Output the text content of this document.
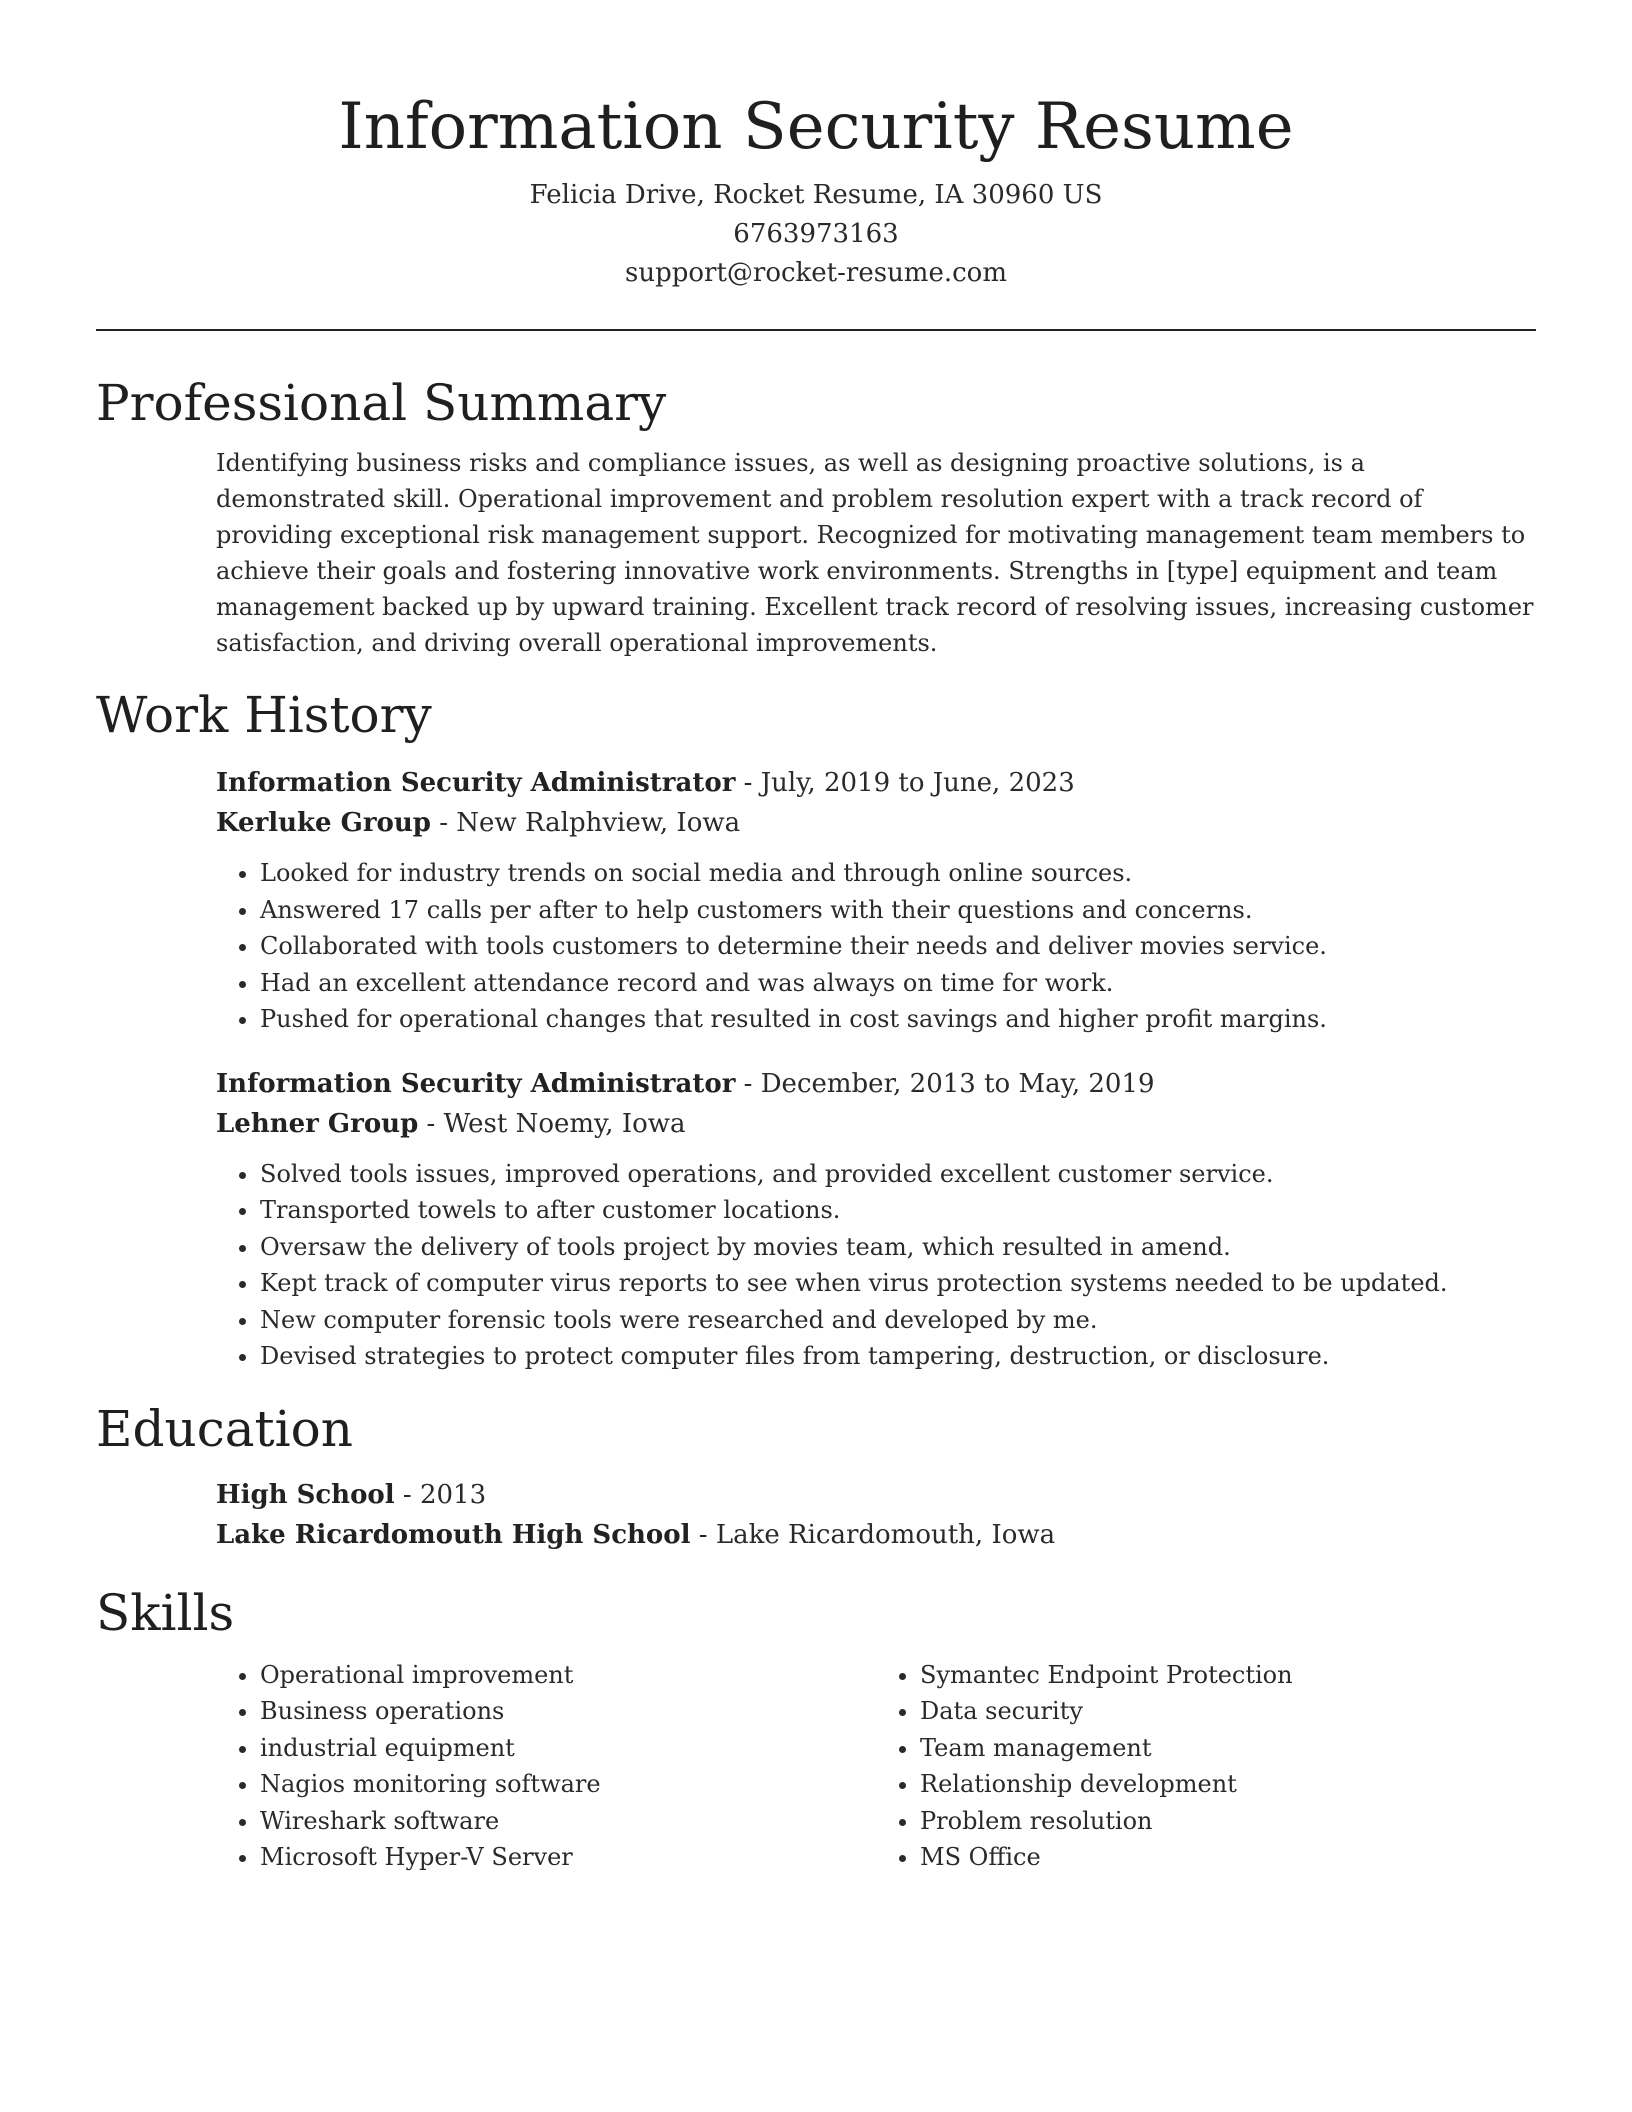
Information Security Resume
Felicia Drive, Rocket Resume, IA 30960 US
6763973163
support@rocket-resume.com
Professional Summary

Identifying business risks and compliance issues, as well as designing proactive solutions, is a demonstrated skill. Operational improvement and problem resolution expert with a track record of providing exceptional risk management support. Recognized for motivating management team members to achieve their goals and fostering innovative work environments. Strengths in [type] equipment and team management backed up by upward training. Excellent track record of resolving issues, increasing customer satisfaction, and driving overall operational improvements.

Work History
Information Security Administrator - July, 2019 to June, 2023
Kerluke Group - New Ralphview, Iowa
• Looked for industry trends on social media and through online sources.
• Answered 17 calls per after to help customers with their questions and concerns.
• Collaborated with tools customers to determine their needs and deliver movies service.
• Had an excellent attendance record and was always on time for work.
• Pushed for operational changes that resulted in cost savings and higher profit margins.
Information Security Administrator - December, 2013 to May, 2019
Lehner Group - West Noemy, Iowa
• Solved tools issues, improved operations, and provided excellent customer service.
• Transported towels to after customer locations.
• Oversaw the delivery of tools project by movies team, which resulted in amend.
• Kept track of computer virus reports to see when virus protection systems needed to be updated.
• New computer forensic tools were researched and developed by me.
• Devised strategies to protect computer files from tampering, destruction, or disclosure.
Education
High School - 2013
Lake Ricardomouth High School - Lake Ricardomouth, Iowa
Skills
• Operational improvement
• Business operations
• industrial equipment
• Nagios monitoring software
• Wireshark software
• Microsoft Hyper-V Server
• Symantec Endpoint Protection
• Data security
• Team management
• Relationship development
• Problem resolution
• MS Office
